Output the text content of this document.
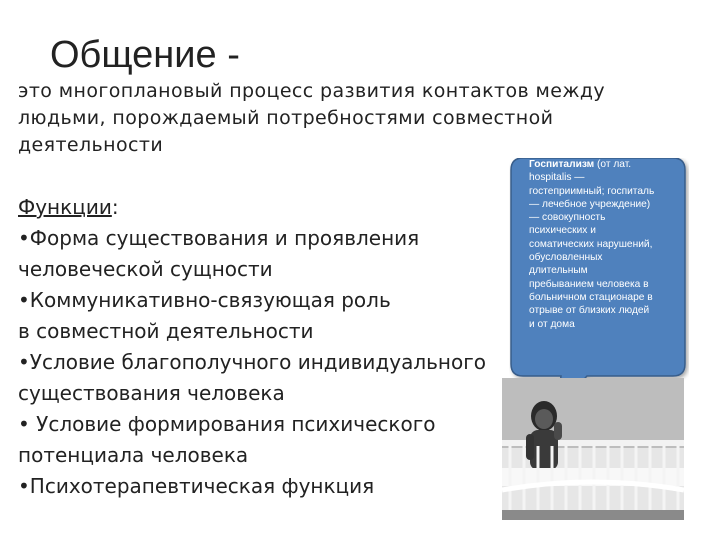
Общение -
это многоплановый процесс развития контактов между людьми, порождаемый потребностями совместной деятельности
Функции:
•Форма существования и проявления
человеческой сущности
•Коммуникативно-связующая роль
в совместной деятельности
•Условие благополучного индивидуального
существования человека
• Условие формирования психического
потенциала человека
•Психотерапевтическая функция
Госпитализм (от лат.
hospitalis —
гостеприимный; госпиталь
— лечебное учреждение)
— совокупность
психических и
соматических нарушений,
обусловленных
длительным
пребыванием человека в
больничном стационаре в
отрыве от близких людей
и от дома
